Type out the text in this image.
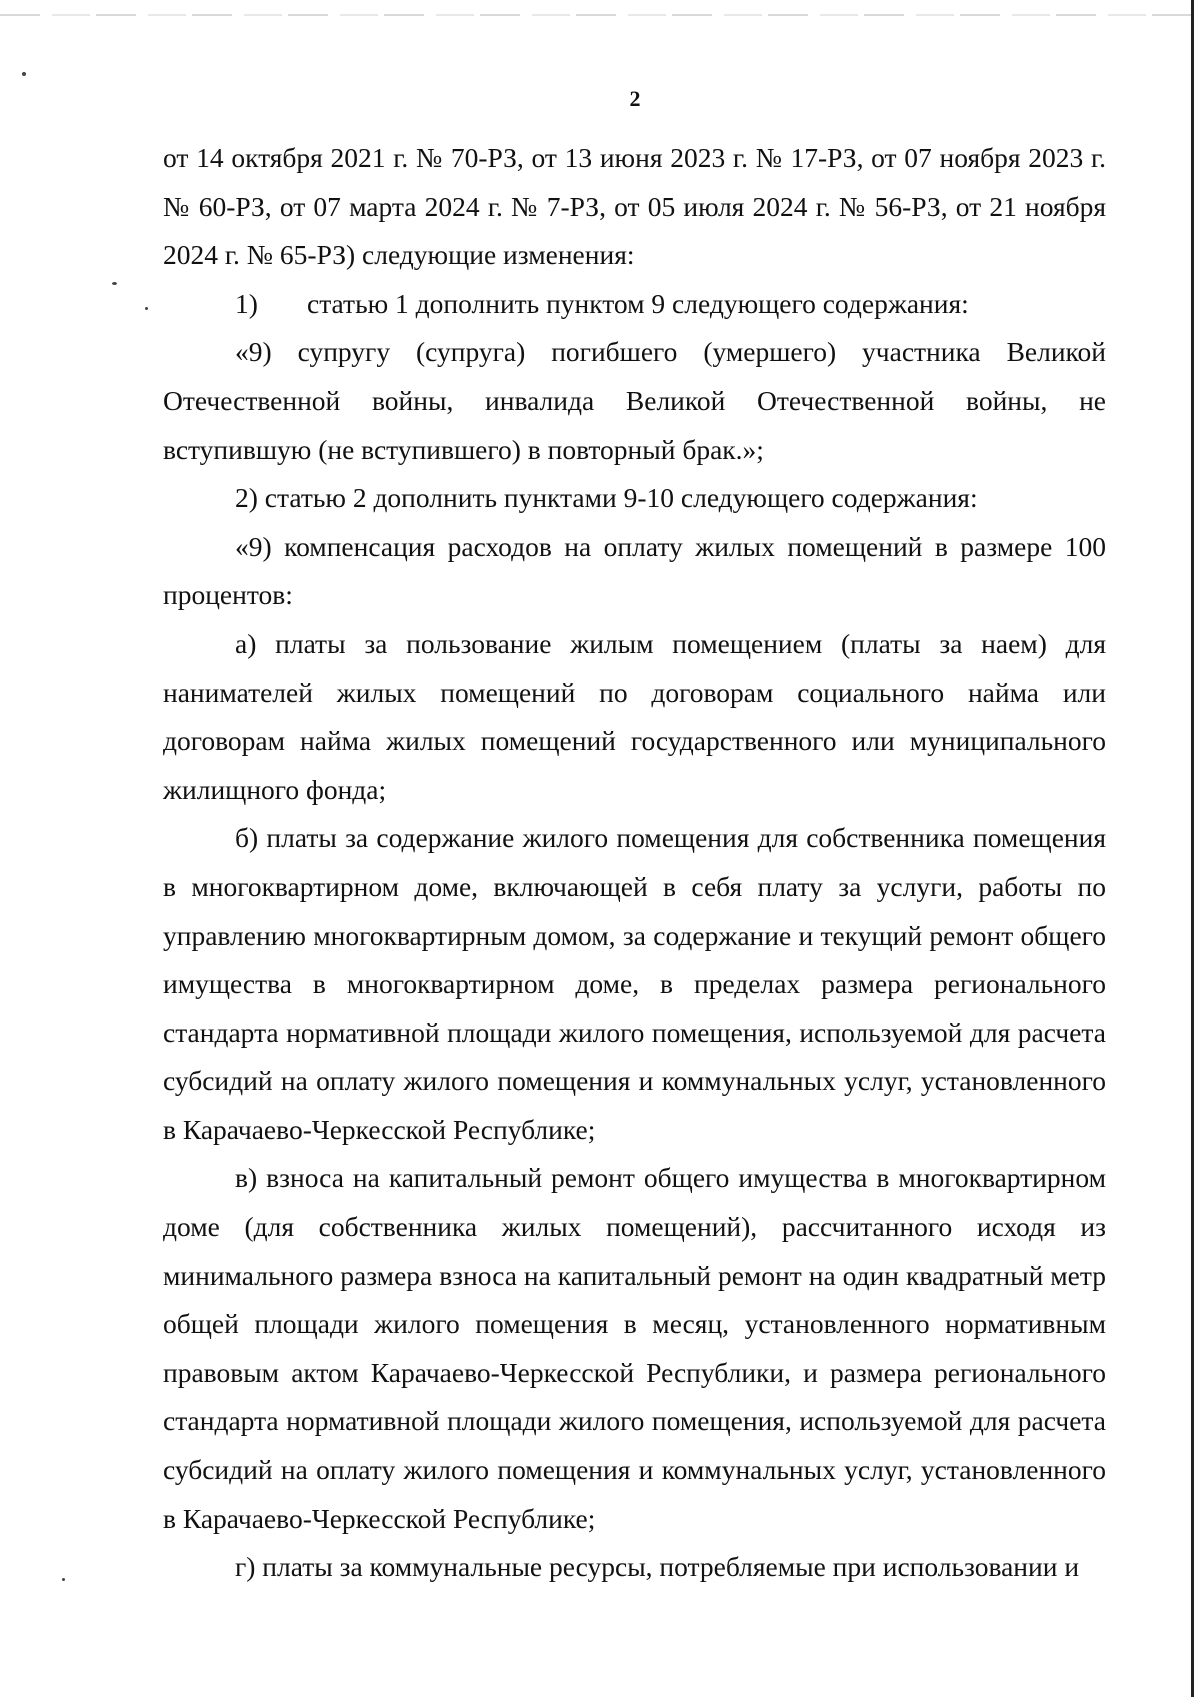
2

от 14 октября 2021 г. № 70-РЗ, от 13 июня 2023 г. № 17-РЗ, от 07 ноября 2023 г. № 60-РЗ, от 07 марта 2024 г. № 7-РЗ, от 05 июля 2024 г. № 56-РЗ, от 21 ноября 2024 г. № 65-РЗ) следующие изменения:

1) статью 1 дополнить пунктом 9 следующего содержания:

«9) супругу (супруга) погибшего (умершего) участника Великой Отечественной войны, инвалида Великой Отечественной войны, не вступившую (не вступившего) в повторный брак.»;

2) статью 2 дополнить пунктами 9-10 следующего содержания:

«9) компенсация расходов на оплату жилых помещений в размере 100 процентов:

а) платы за пользование жилым помещением (платы за наем) для нанимателей жилых помещений по договорам социального найма или договорам найма жилых помещений государственного или муниципального жилищного фонда;

б) платы за содержание жилого помещения для собственника помещения в многоквартирном доме, включающей в себя плату за услуги, работы по управлению многоквартирным домом, за содержание и текущий ремонт общего имущества в многоквартирном доме, в пределах размера регионального стандарта нормативной площади жилого помещения, используемой для расчета субсидий на оплату жилого помещения и коммунальных услуг, установленного в Карачаево-Черкесской Республике;

в) взноса на капитальный ремонт общего имущества в многоквартирном доме (для собственника жилых помещений), рассчитанного исходя из минимального размера взноса на капитальный ремонт на один квадратный метр общей площади жилого помещения в месяц, установленного нормативным правовым актом Карачаево-Черкесской Республики, и размера регионального стандарта нормативной площади жилого помещения, используемой для расчета субсидий на оплату жилого помещения и коммунальных услуг, установленного в Карачаево-Черкесской Республике;

г) платы за коммунальные ресурсы, потребляемые при использовании и
